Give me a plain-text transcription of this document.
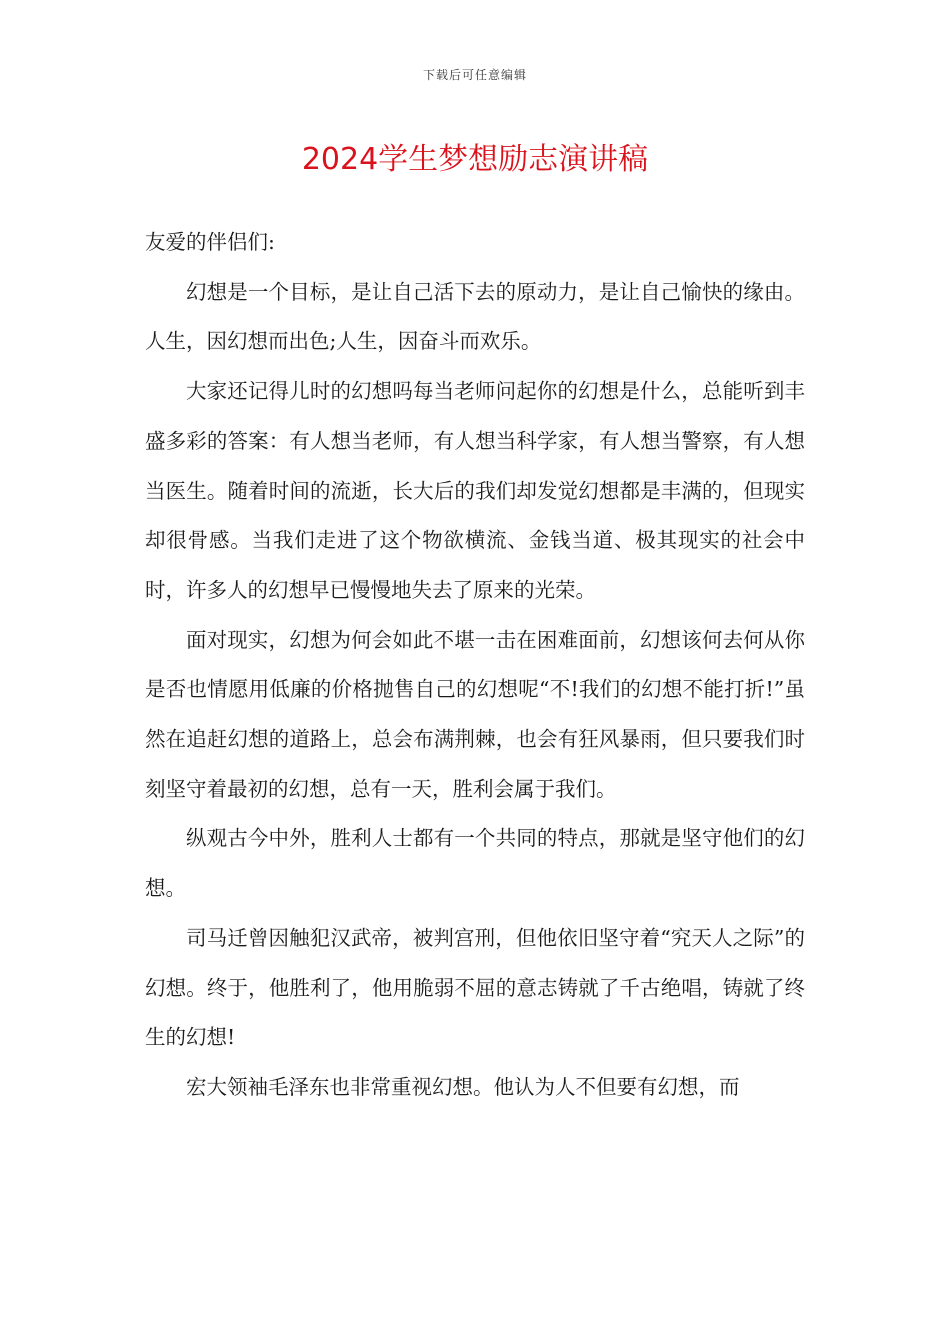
下载后可任意编辑
2024学生梦想励志演讲稿

友爱的伴侣们:

幻想是一个目标，是让自己活下去的原动力，是让自己愉快的缘由。人生，因幻想而出色;人生，因奋斗而欢乐。

大家还记得儿时的幻想吗每当老师问起你的幻想是什么，总能听到丰盛多彩的答案：有人想当老师，有人想当科学家，有人想当警察，有人想当医生。随着时间的流逝，长大后的我们却发觉幻想都是丰满的，但现实却很骨感。当我们走进了这个物欲横流、金钱当道、极其现实的社会中时，许多人的幻想早已慢慢地失去了原来的光荣。

面对现实，幻想为何会如此不堪一击在困难面前，幻想该何去何从你是否也情愿用低廉的价格抛售自己的幻想呢“不!我们的幻想不能打折!”虽然在追赶幻想的道路上，总会布满荆棘，也会有狂风暴雨，但只要我们时刻坚守着最初的幻想，总有一天，胜利会属于我们。

纵观古今中外，胜利人士都有一个共同的特点，那就是坚守他们的幻想。

司马迁曾因触犯汉武帝，被判宫刑，但他依旧坚守着“究天人之际”的幻想。终于，他胜利了，他用脆弱不屈的意志铸就了千古绝唱，铸就了终生的幻想!

宏大领袖毛泽东也非常重视幻想。他认为人不但要有幻想，而
